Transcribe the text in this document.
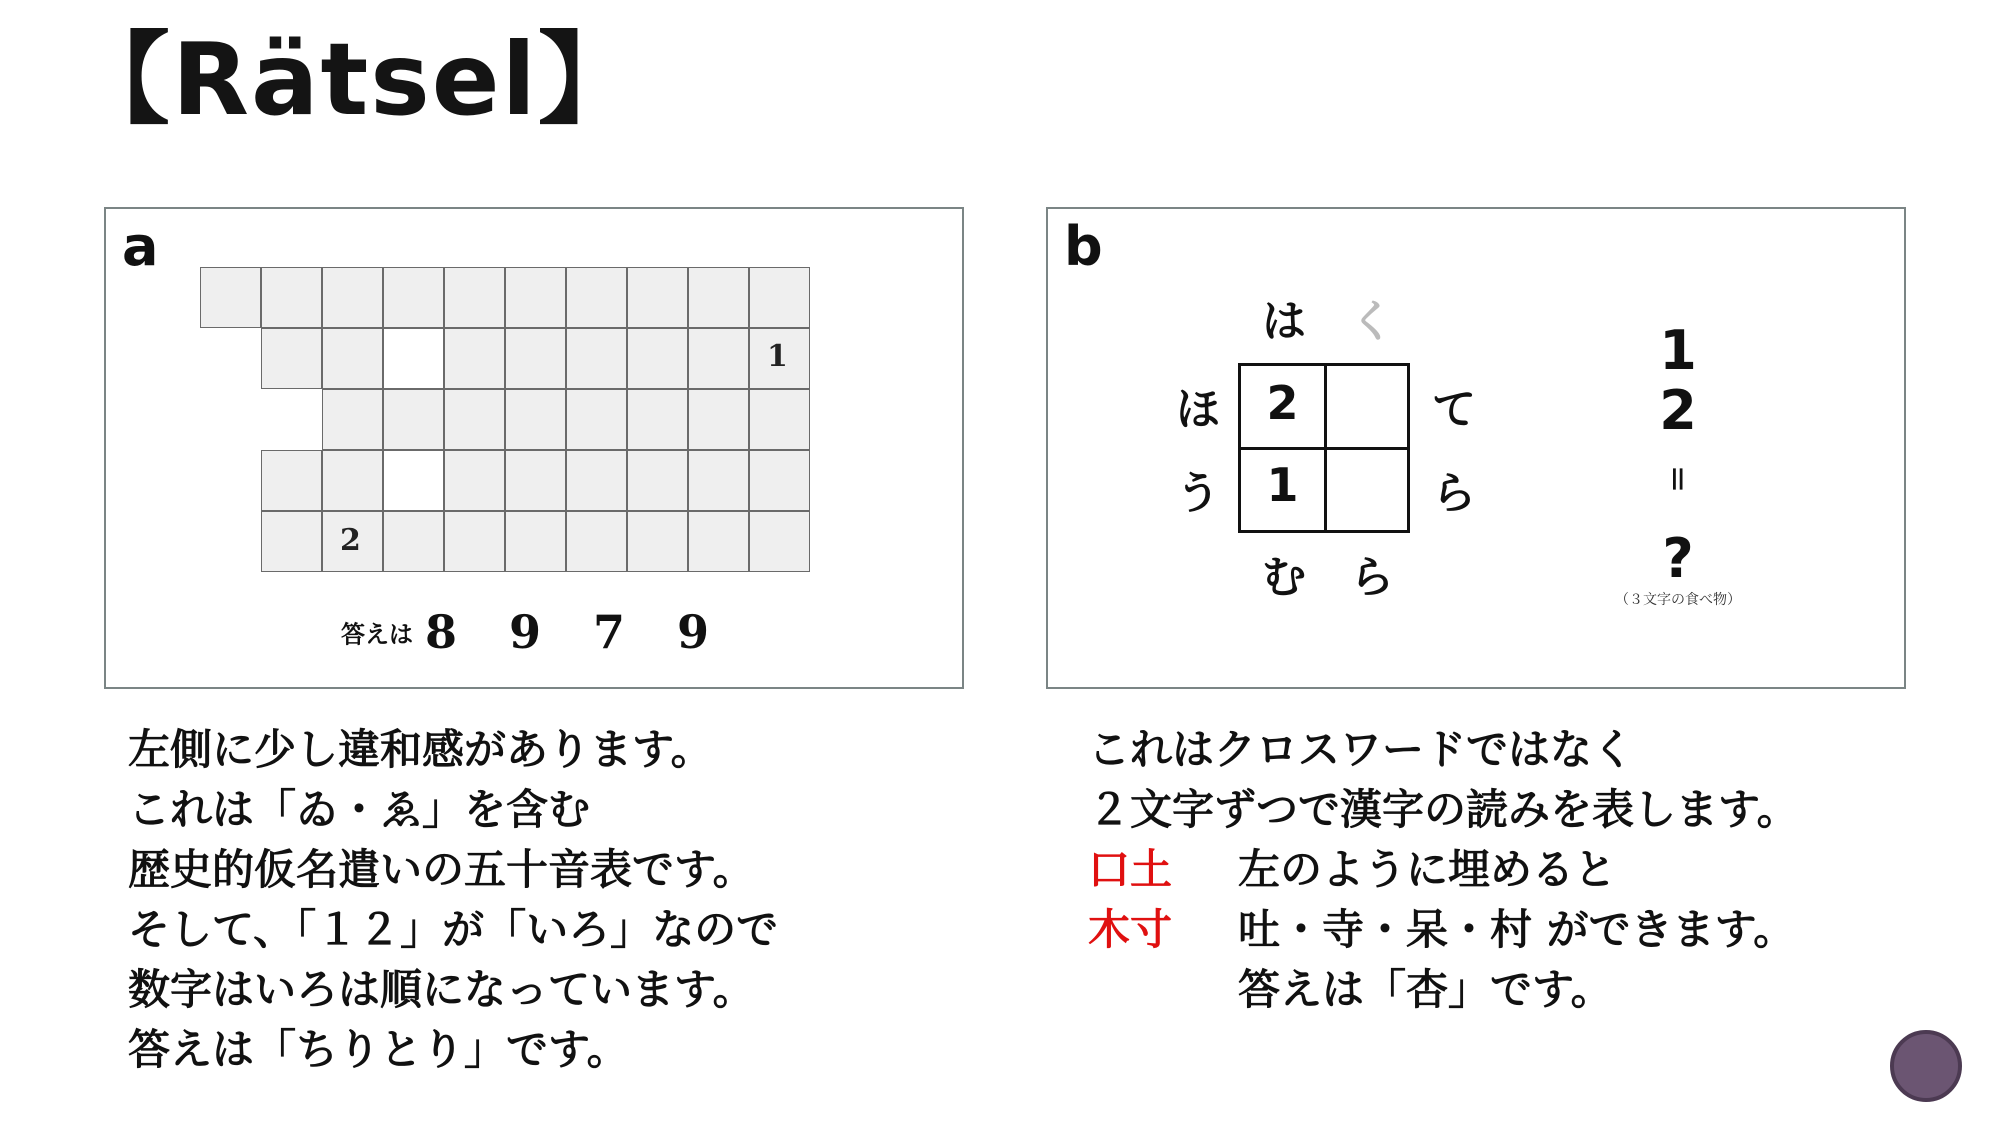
【Rätsel】
a
1
2
答えは 8 9 7 9
b
は く
ほ
う
2
1
て
ら
む ら
1
2
=
?
（３文字の食べ物）
左側に少し違和感があります。
これは「ゐ・ゑ」を含む
歴史的仮名遣いの五十音表です。
そして、「１２」が「いろ」なので
数字はいろは順になっています。
答えは「ちりとり」です。
これはクロスワードではなく
２文字ずつで漢字の読みを表します。
口土 左のように埋めると
木寸 吐・寺・呆・村 ができます。
答えは「杏」です。
